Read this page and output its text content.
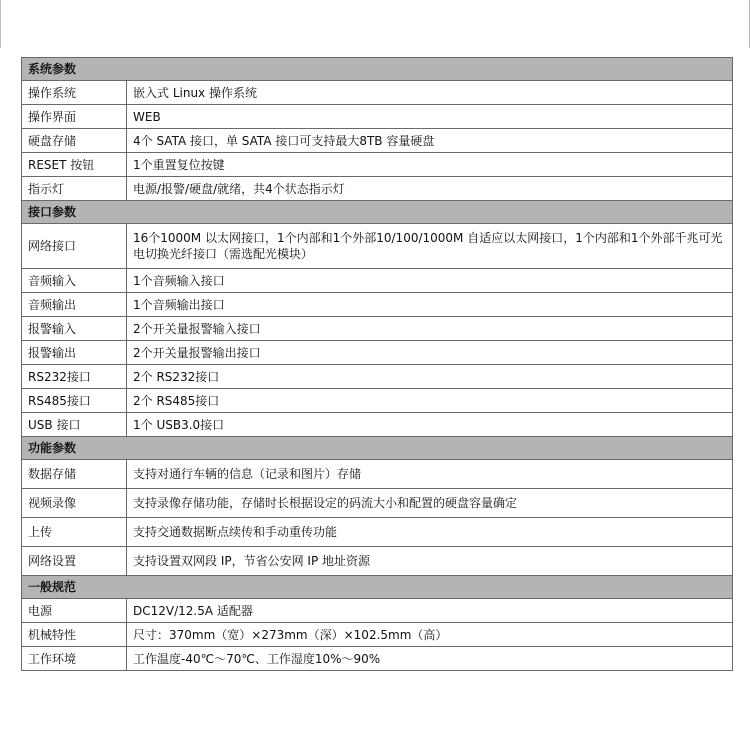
系统参数	
操作系统	嵌入式 Linux 操作系统
操作界面	WEB
硬盘存储	4个 SATA 接口，单 SATA 接口可支持最大8TB 容量硬盘
RESET 按钮	1个重置复位按键
指示灯	电源/报警/硬盘/就绪，共4个状态指示灯
接口参数	
网络接口	16个1000M 以太网接口，1个内部和1个外部10/100/1000M 自适应以太网接口，1个内部和1个外部千兆可光电切换光纤接口（需选配光模块）
音频输入	1个音频输入接口
音频输出	1个音频输出接口
报警输入	2个开关量报警输入接口
报警输出	2个开关量报警输出接口
RS232接口	2个 RS232接口
RS485接口	2个 RS485接口
USB 接口	1个 USB3.0接口
功能参数	
数据存储	支持对通行车辆的信息（记录和图片）存储
视频录像	支持录像存储功能，存储时长根据设定的码流大小和配置的硬盘容量确定
上传	支持交通数据断点续传和手动重传功能
网络设置	支持设置双网段 IP，节省公安网 IP 地址资源
一般规范	
电源	DC12V/12.5A 适配器
机械特性	尺寸：370mm（宽）×273mm（深）×102.5mm（高）
工作环境	工作温度-40℃～70℃、工作湿度10%～90%
